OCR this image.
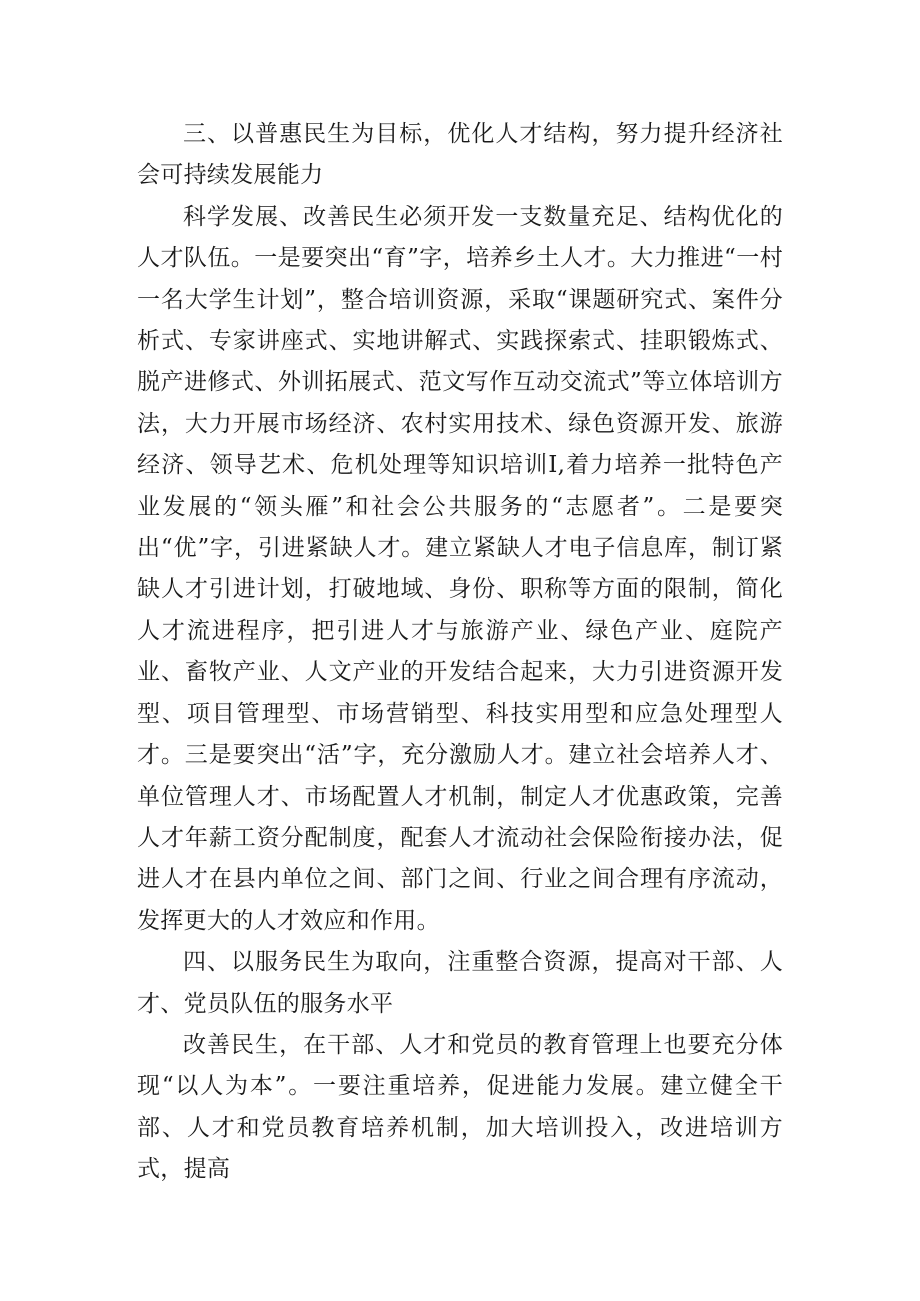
三、以普惠民生为目标，优化人才结构，努力提升经济社会可持续发展能力

科学发展、改善民生必须开发一支数量充足、结构优化的人才队伍。一是要突出“育”字，培养乡土人才。大力推进“一村一名大学生计划”，整合培训资源，采取“课题研究式、案件分析式、专家讲座式、实地讲解式、实践探索式、挂职锻炼式、脱产进修式、外训拓展式、范文写作互动交流式”等立体培训方法，大力开展市场经济、农村实用技术、绿色资源开发、旅游经济、领导艺术、危机处理等知识培训I,着力培养一批特色产业发展的“领头雁”和社会公共服务的“志愿者”。二是要突出“优”字，引进紧缺人才。建立紧缺人才电子信息库，制订紧缺人才引进计划，打破地域、身份、职称等方面的限制，简化人才流进程序，把引进人才与旅游产业、绿色产业、庭院产业、畜牧产业、人文产业的开发结合起来，大力引进资源开发型、项目管理型、市场营销型、科技实用型和应急处理型人才。三是要突出“活”字，充分激励人才。建立社会培养人才、单位管理人才、市场配置人才机制，制定人才优惠政策，完善人才年薪工资分配制度，配套人才流动社会保险衔接办法，促进人才在县内单位之间、部门之间、行业之间合理有序流动，发挥更大的人才效应和作用。

四、以服务民生为取向，注重整合资源，提高对干部、人才、党员队伍的服务水平

改善民生，在干部、人才和党员的教育管理上也要充分体现“以人为本”。一要注重培养，促进能力发展。建立健全干部、人才和党员教育培养机制，加大培训投入，改进培训方式，提高
